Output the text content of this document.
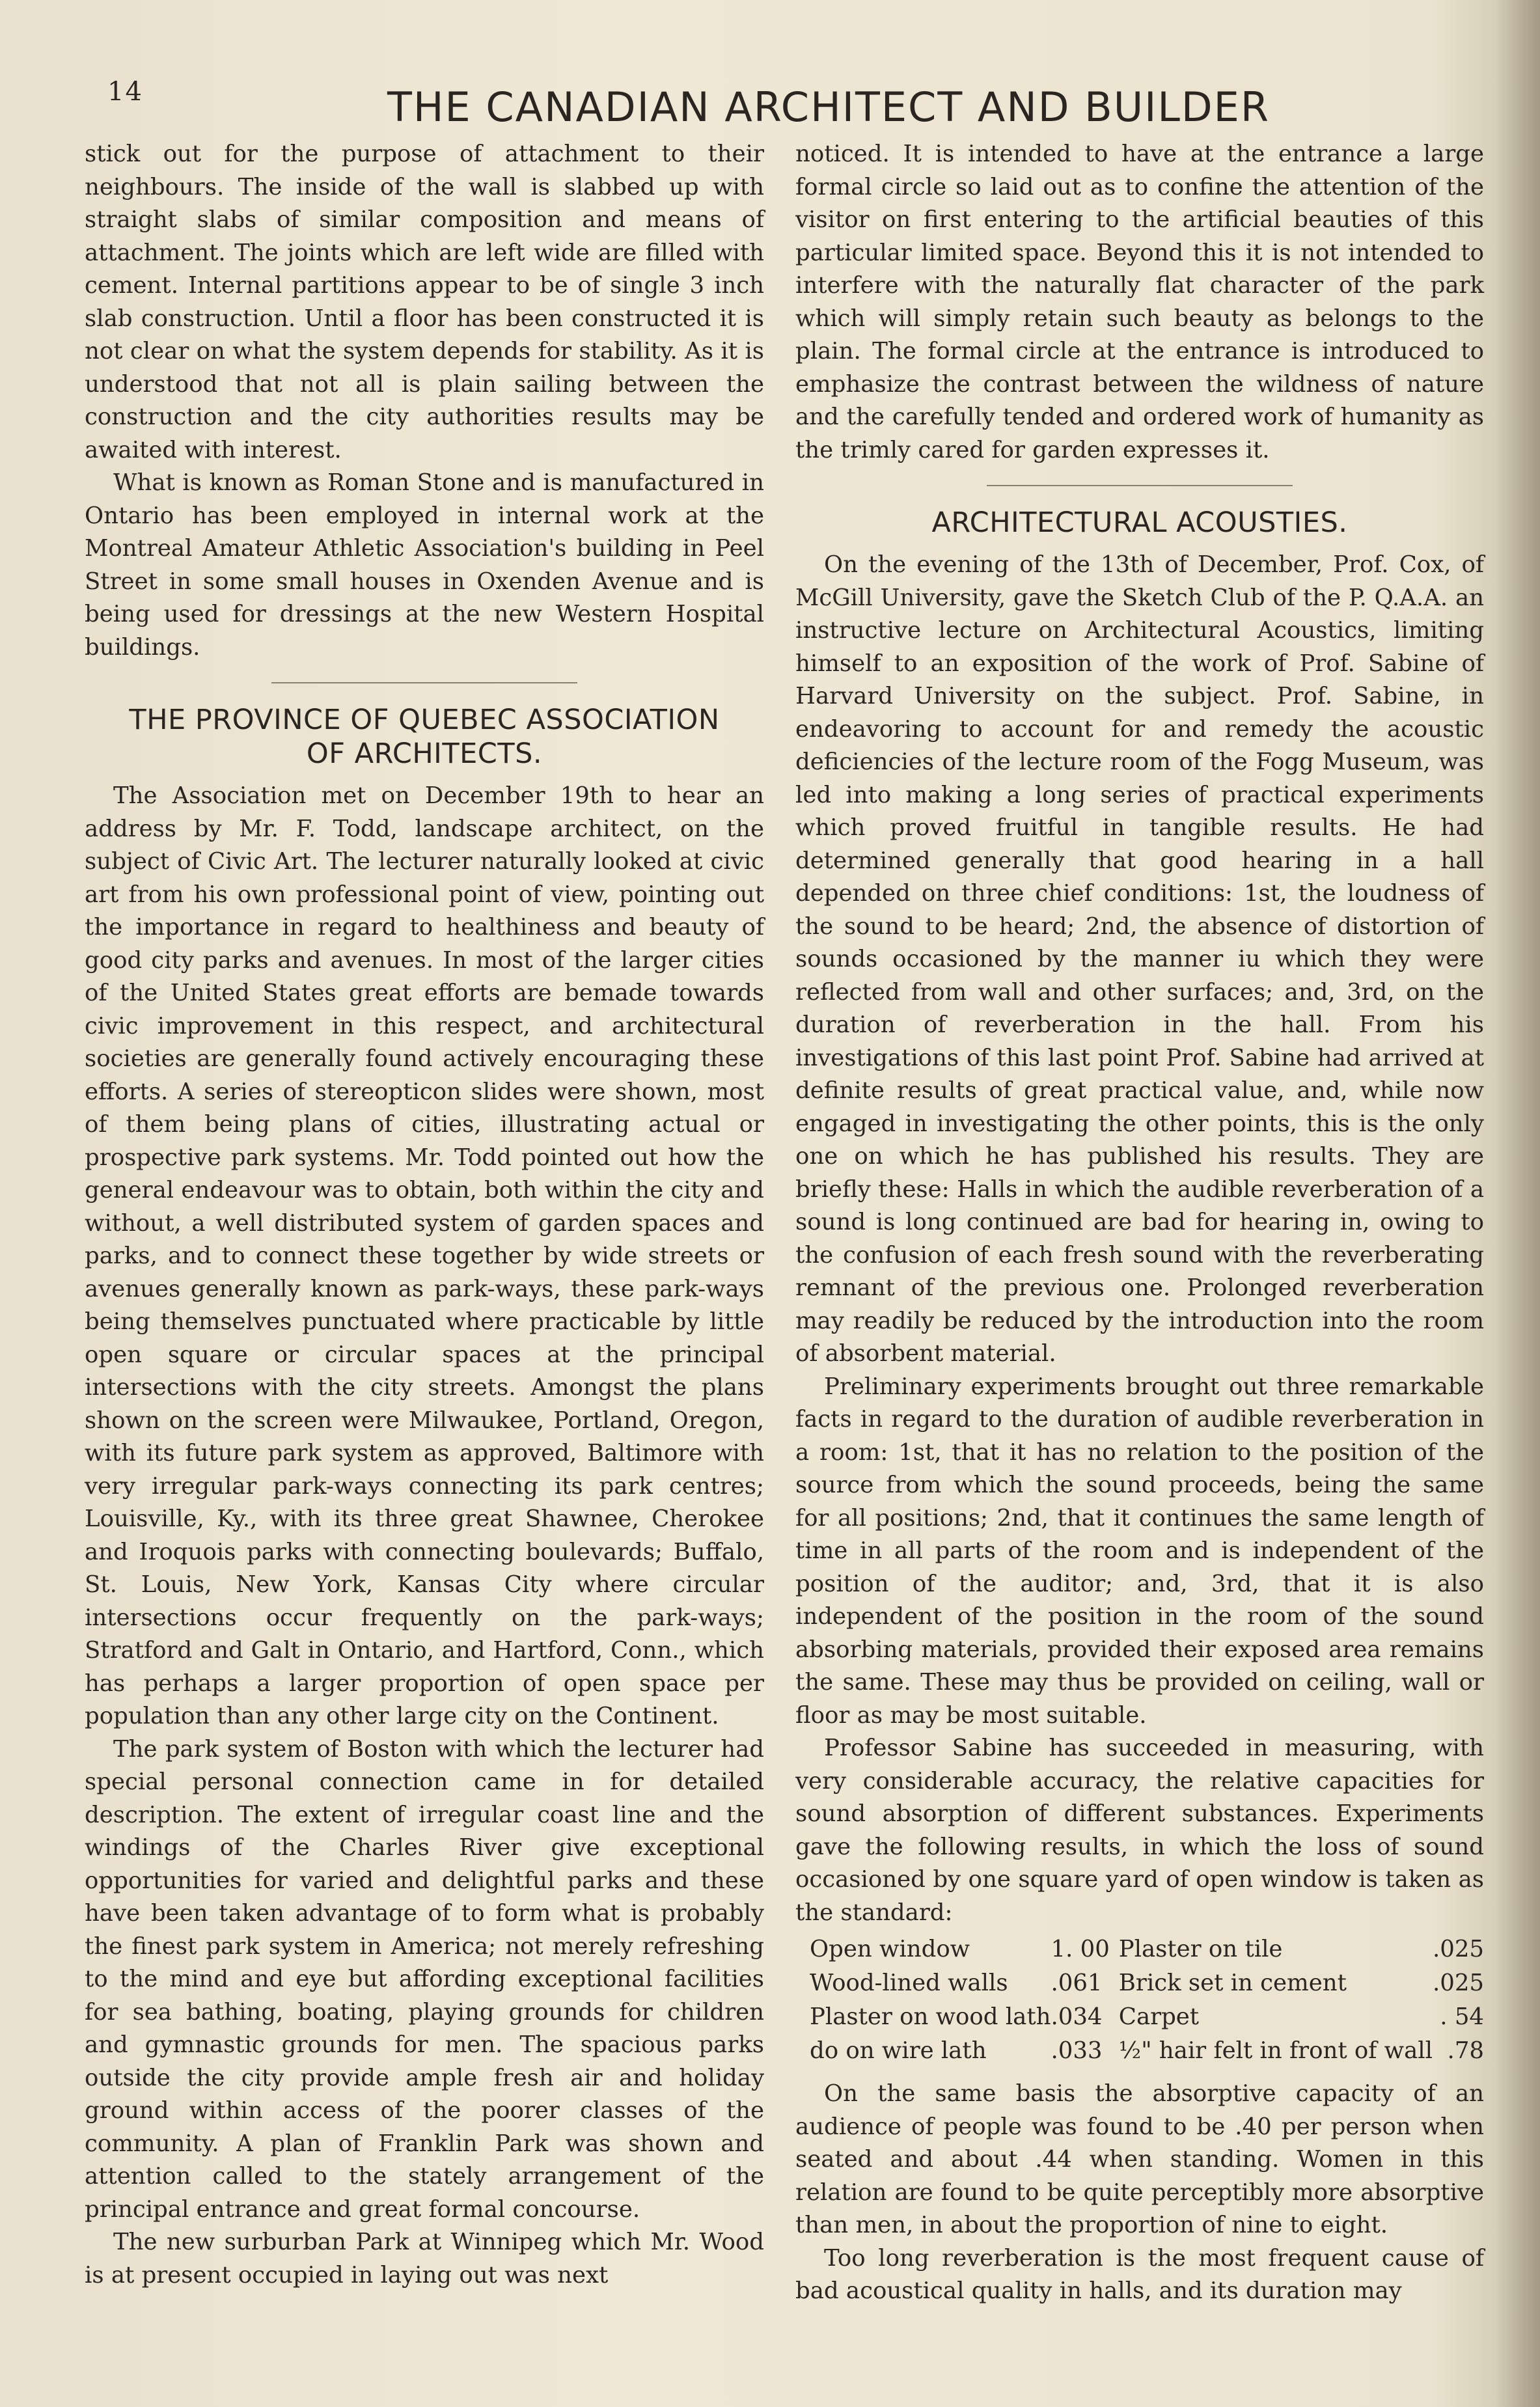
14	THE CANADIAN ARCHITECT AND BUILDER

stick out for the purpose of attachment to their neighbours. The inside of the wall is slabbed up with straight slabs of similar composition and means of attachment. The joints which are left wide are filled with cement. Internal partitions appear to be of single 3 inch slab construction. Until a floor has been constructed it is not clear on what the system depends for stability. As it is understood that not all is plain sailing between the construction and the city authorities results may be awaited with interest.

What is known as Roman Stone and is manufactured in Ontario has been employed in internal work at the Montreal Amateur Athletic Association's building in Peel Street in some small houses in Oxenden Avenue and is being used for dressings at the new Western Hospital buildings.

THE PROVINCE OF QUEBEC ASSOCIATION
OF ARCHITECTS.

The Association met on December 19th to hear an address by Mr. F. Todd, landscape architect, on the subject of Civic Art. The lecturer naturally looked at civic art from his own professional point of view, pointing out the importance in regard to healthiness and beauty of good city parks and avenues. In most of the larger cities of the United States great efforts are bemade towards civic improvement in this respect, and architectural societies are generally found actively encouraging these efforts. A series of stereopticon slides were shown, most of them being plans of cities, illustrating actual or prospective park systems. Mr. Todd pointed out how the general endeavour was to obtain, both within the city and without, a well distributed system of garden spaces and parks, and to connect these together by wide streets or avenues generally known as park-ways, these park-ways being themselves punctuated where practicable by little open square or circular spaces at the principal intersections with the city streets. Amongst the plans shown on the screen were Milwaukee, Portland, Oregon, with its future park system as approved, Baltimore with very irregular park-ways connecting its park centres; Louisville, Ky., with its three great Shawnee, Cherokee and Iroquois parks with connecting boulevards; Buffalo, St. Louis, New York, Kansas City where circular intersections occur frequently on the park-ways; Stratford and Galt in Ontario, and Hartford, Conn., which has perhaps a larger proportion of open space per population than any other large city on the Continent.

The park system of Boston with which the lecturer had special personal connection came in for detailed description. The extent of irregular coast line and the windings of the Charles River give exceptional opportunities for varied and delightful parks and these have been taken advantage of to form what is probably the finest park system in America; not merely refreshing to the mind and eye but affording exceptional facilities for sea bathing, boating, playing grounds for children and gymnastic grounds for men. The spacious parks outside the city provide ample fresh air and holiday ground within access of the poorer classes of the community. A plan of Franklin Park was shown and attention called to the stately arrangement of the principal entrance and great formal concourse.

The new surburban Park at Winnipeg which Mr. Wood is at present occupied in laying out was next

noticed. It is intended to have at the entrance a large formal circle so laid out as to confine the attention of the visitor on first entering to the artificial beauties of this particular limited space. Beyond this it is not intended to interfere with the naturally flat character of the park which will simply retain such beauty as belongs to the plain. The formal circle at the entrance is introduced to emphasize the contrast between the wildness of nature and the carefully tended and ordered work of humanity as the trimly cared for garden expresses it.

ARCHITECTURAL ACOUSTIES.

On the evening of the 13th of December, Prof. Cox, of McGill University, gave the Sketch Club of the P. Q.A.A. an instructive lecture on Architectural Acoustics, limiting himself to an exposition of the work of Prof. Sabine of Harvard University on the subject. Prof. Sabine, in endeavoring to account for and remedy the acoustic deficiencies of the lecture room of the Fogg Museum, was led into making a long series of practical experiments which proved fruitful in tangible results. He had determined generally that good hearing in a hall depended on three chief conditions: 1st, the loudness of the sound to be heard; 2nd, the absence of distortion of sounds occasioned by the manner iu which they were reflected from wall and other surfaces; and, 3rd, on the duration of reverberation in the hall. From his investigations of this last point Prof. Sabine had arrived at definite results of great practical value, and, while now engaged in investigating the other points, this is the only one on which he has published his results. They are briefly these: Halls in which the audible reverberation of a sound is long continued are bad for hearing in, owing to the confusion of each fresh sound with the reverberating remnant of the previous one. Prolonged reverberation may readily be reduced by the introduction into the room of absorbent material.

Preliminary experiments brought out three remarkable facts in regard to the duration of audible reverberation in a room: 1st, that it has no relation to the position of the source from which the sound proceeds, being the same for all positions; 2nd, that it continues the same length of time in all parts of the room and is independent of the position of the auditor; and, 3rd, that it is also independent of the position in the room of the sound absorbing materials, provided their exposed area remains the same. These may thus be provided on ceiling, wall or floor as may be most suitable.

Professor Sabine has succeeded in measuring, with very considerable accuracy, the relative capacities for sound absorption of different substances. Experiments gave the following results, in which the loss of sound occasioned by one square yard of open window is taken as the standard:

Open window	1. 00	Plaster on tile	.025
Wood-lined walls	.061	Brick set in cement	.025
Plaster on wood lath	.034	Carpet	. 54
do on wire lath	.033	½" hair felt in front of wall	.78

On the same basis the absorptive capacity of an audience of people was found to be .40 per person when seated and about .44 when standing. Women in this relation are found to be quite perceptibly more absorptive than men, in about the proportion of nine to eight.

Too long reverberation is the most frequent cause of bad acoustical quality in halls, and its duration may
